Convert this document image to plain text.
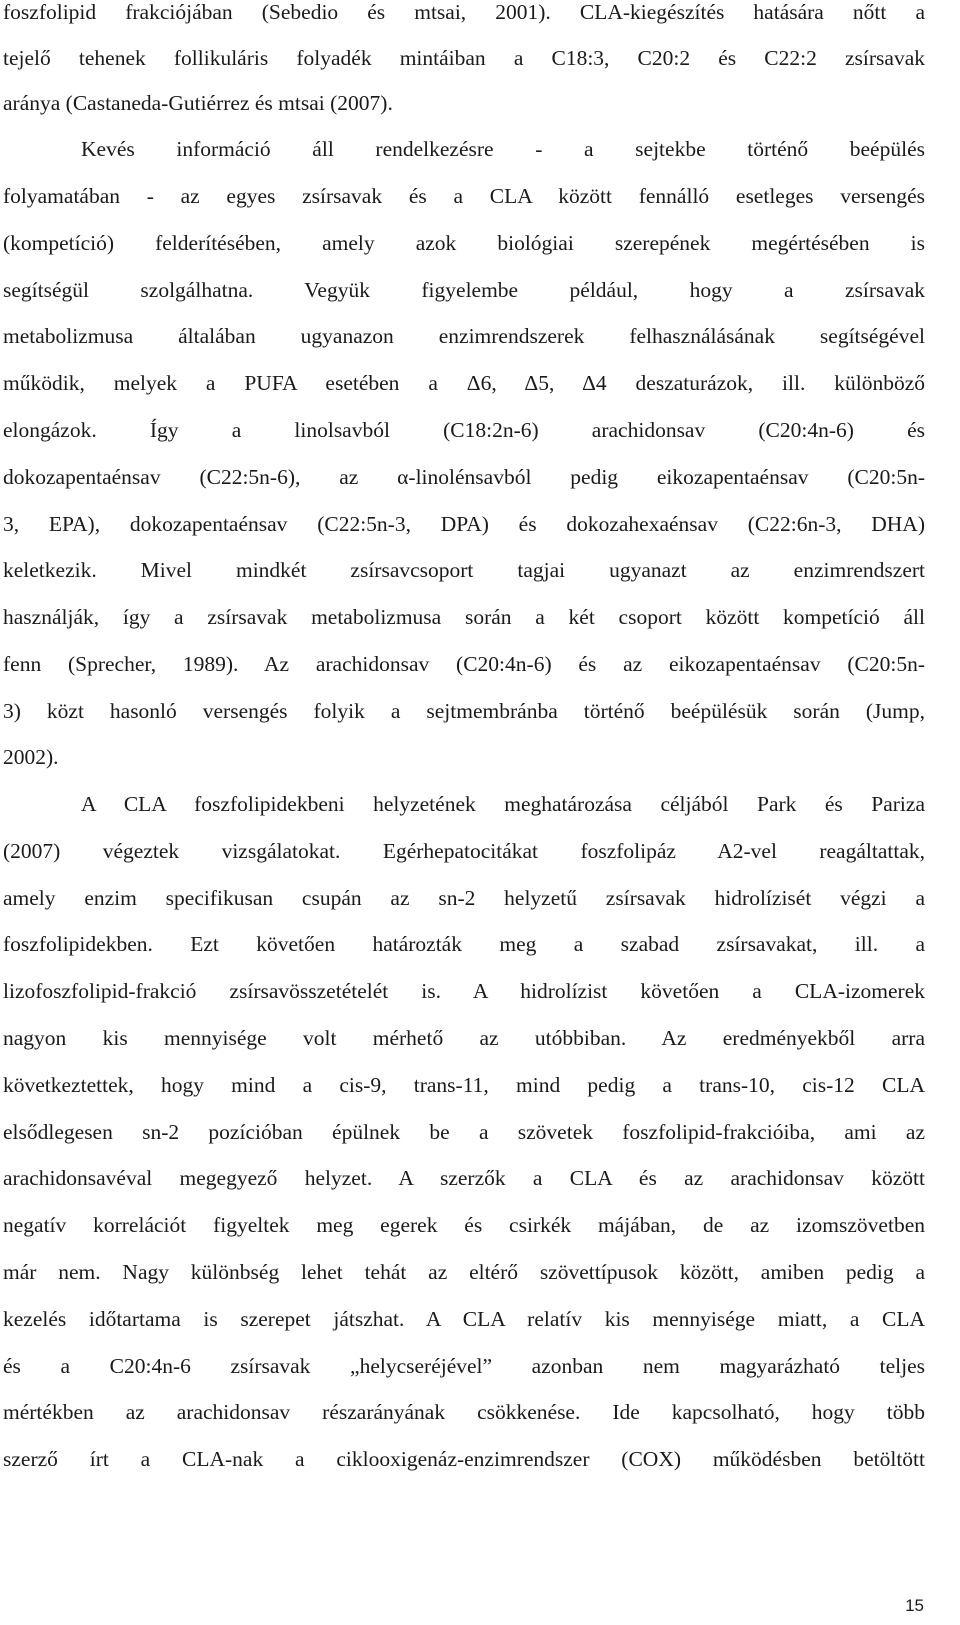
foszfolipid frakciójában (Sebedio és mtsai, 2001). CLA-kiegészítés hatására nőtt a
tejelő tehenek follikuláris folyadék mintáiban a C18:3, C20:2 és C22:2 zsírsavak
aránya (Castaneda-Gutiérrez és mtsai (2007).
Kevés információ áll rendelkezésre - a sejtekbe történő beépülés
folyamatában - az egyes zsírsavak és a CLA között fennálló esetleges versengés
(kompetíció) felderítésében, amely azok biológiai szerepének megértésében is
segítségül szolgálhatna. Vegyük figyelembe például, hogy a zsírsavak
metabolizmusa általában ugyanazon enzimrendszerek felhasználásának segítségével
működik, melyek a PUFA esetében a Δ6, Δ5, Δ4 deszaturázok, ill. különböző
elongázok. Így a linolsavból (C18:2n-6) arachidonsav (C20:4n-6) és
dokozapentaénsav (C22:5n-6), az α-linolénsavból pedig eikozapentaénsav (C20:5n-
3, EPA), dokozapentaénsav (C22:5n-3, DPA) és dokozahexaénsav (C22:6n-3, DHA)
keletkezik. Mivel mindkét zsírsavcsoport tagjai ugyanazt az enzimrendszert
használják, így a zsírsavak metabolizmusa során a két csoport között kompetíció áll
fenn (Sprecher, 1989). Az arachidonsav (C20:4n-6) és az eikozapentaénsav (C20:5n-
3) közt hasonló versengés folyik a sejtmembránba történő beépülésük során (Jump,
2002).
A CLA foszfolipidekbeni helyzetének meghatározása céljából Park és Pariza
(2007) végeztek vizsgálatokat. Egérhepatocitákat foszfolipáz A2-vel reagáltattak,
amely enzim specifikusan csupán az sn-2 helyzetű zsírsavak hidrolízisét végzi a
foszfolipidekben. Ezt követően határozták meg a szabad zsírsavakat, ill. a
lizofoszfolipid-frakció zsírsavösszetételét is. A hidrolízist követően a CLA-izomerek
nagyon kis mennyisége volt mérhető az utóbbiban. Az eredményekből arra
következtettek, hogy mind a cis-9, trans-11, mind pedig a trans-10, cis-12 CLA
elsődlegesen sn-2 pozícióban épülnek be a szövetek foszfolipid-frakcióiba, ami az
arachidonsavéval megegyező helyzet. A szerzők a CLA és az arachidonsav között
negatív korrelációt figyeltek meg egerek és csirkék májában, de az izomszövetben
már nem. Nagy különbség lehet tehát az eltérő szövettípusok között, amiben pedig a
kezelés időtartama is szerepet játszhat. A CLA relatív kis mennyisége miatt, a CLA
és a C20:4n-6 zsírsavak „helycseréjével” azonban nem magyarázható teljes
mértékben az arachidonsav részarányának csökkenése. Ide kapcsolható, hogy több
szerző írt a CLA-nak a ciklooxigenáz-enzimrendszer (COX) működésben betöltött
15
